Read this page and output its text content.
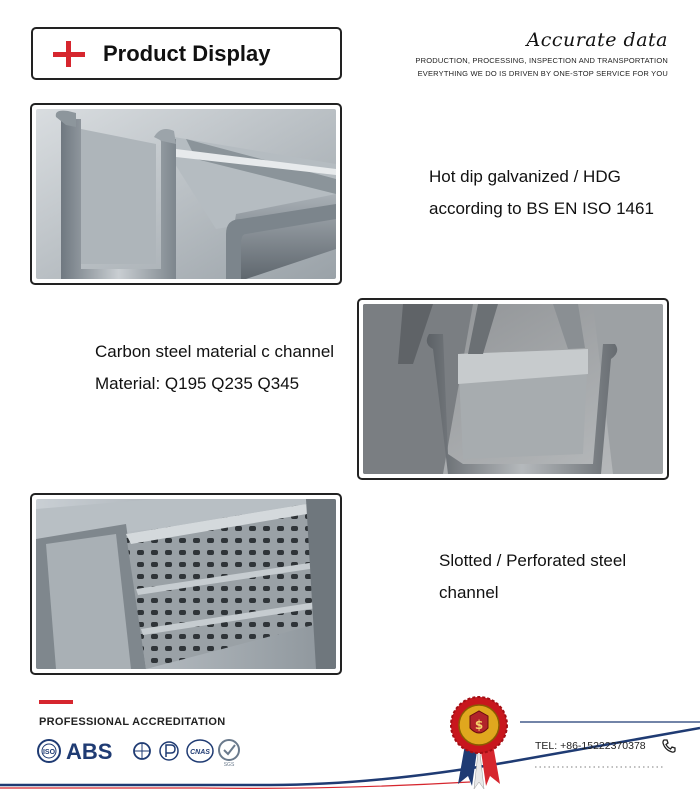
Product Display
Accurate data
PRODUCTION, PROCESSING, INSPECTION AND TRANSPORTATION
EVERYTHING WE DO IS DRIVEN BY ONE-STOP SERVICE FOR YOU
Hot dip galvanized / HDG
according to BS EN ISO 1461
Carbon steel material c channel
Material: Q195 Q235 Q345
Slotted / Perforated steel
channel
PROFESSIONAL ACCREDITATION
ISO ABS	CNAS
SGS
$
TEL: +86-15222370378
